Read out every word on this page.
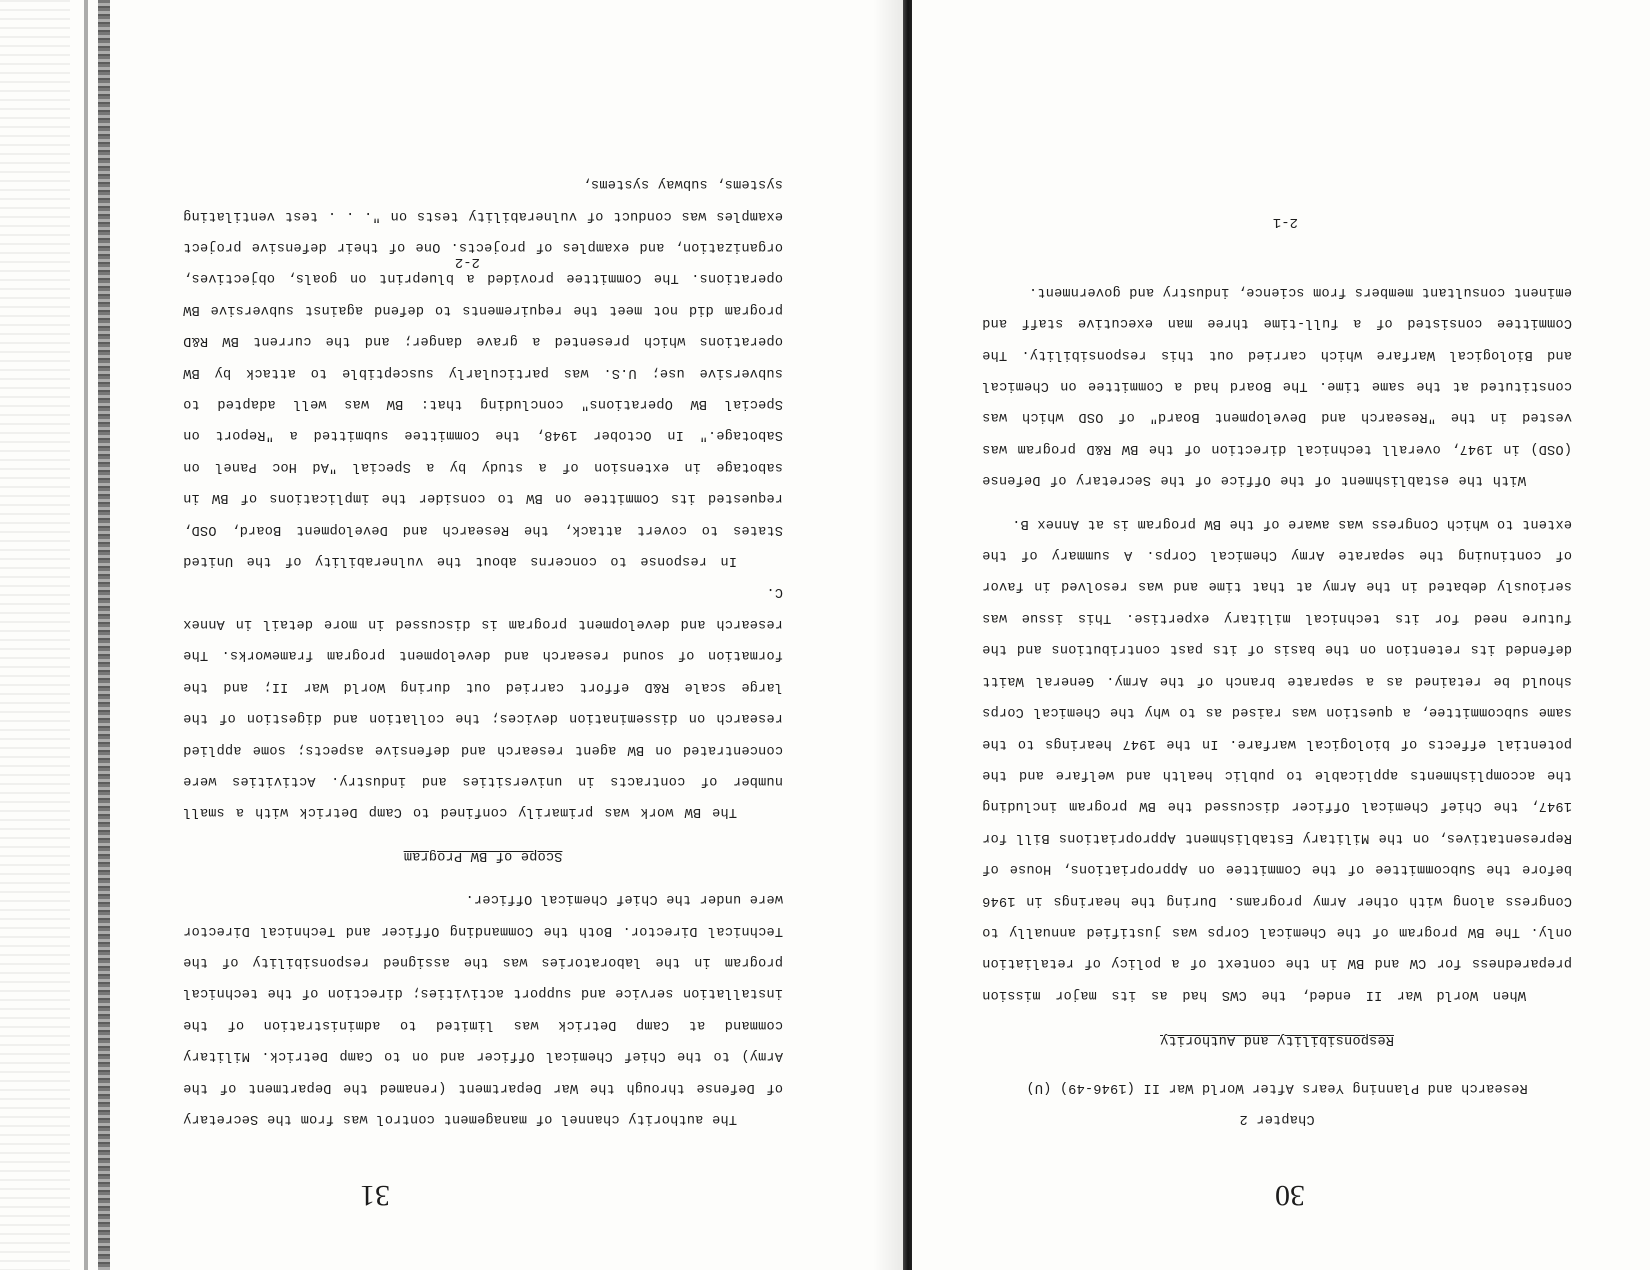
30

Chapter 2

Research and Planning Years After World War II (1946-49) (U)

Responsibility and Authority

When World War II ended, the CWS had as its major mission preparedness for CW and BW in the context of a policy of retaliation only. The BW program of the Chemical Corps was justified annually to Congress along with other Army programs. During the hearings in 1946 before the Subcommittee of the Committee on Appropriations, House of Representatives, on the Military Establishment Appropriations Bill for 1947, the Chief Chemical Officer discussed the BW program including the accomplishments applicable to public health and welfare and the potential effects of biological warfare. In the 1947 hearings to the same subcommittee, a question was raised as to why the Chemical Corps should be retained as a separate branch of the Army. General Waitt defended its retention on the basis of its past contributions and the future need for its technical military expertise. This issue was seriously debated in the Army at that time and was resolved in favor of continuing the separate Army Chemical Corps. A summary of the extent to which Congress was aware of the BW program is at Annex B.

With the establishment of the Office of the Secretary of Defense (OSD) in 1947, overall technical direction of the BW R&D program was vested in the "Research and Development Board" of OSD which was constituted at the same time. The Board had a Committee on Chemical and Biological Warfare which carried out this responsibility. The Committee consisted of a full-time three man executive staff and eminent consultant members from science, industry and government.

2-1
31

The authority channel of management control was from the Secretary of Defense through the War Department (renamed the Department of the Army) to the Chief Chemical Officer and on to Camp Detrick. Military command at Camp Detrick was limited to administration of the installation service and support activities; direction of the technical program in the laboratories was the assigned responsibility of the Technical Director. Both the Commanding Officer and Technical Director were under the Chief Chemical Officer.

Scope of BW Program

The BW work was primarily confined to Camp Detrick with a small number of contracts in universities and industry. Activities were concentrated on BW agent research and defensive aspects; some applied research on dissemination devices; the collation and digestion of the large scale R&D effort carried out during World War II; and the formation of sound research and development program frameworks. The research and development program is discussed in more detail in Annex C.

In response to concerns about the vulnerability of the United States to covert attack, the Research and Development Board, OSD, requested its Committee on BW to consider the implications of BW in sabotage in extension of a study by a Special "Ad Hoc Panel on Sabotage." In October 1948, the Committee submitted a "Report on Special BW Operations" concluding that: BW was well adapted to subversive use; U.S. was particularly susceptible to attack by BW operations which presented a grave danger; and the current BW R&D program did not meet the requirements to defend against subversive BW operations. The Committee provided a blueprint on goals, objectives, organization, and examples of projects. One of their defensive project examples was conduct of vulnerability tests on ". . . test ventilating systems, subway systems,

2-2
